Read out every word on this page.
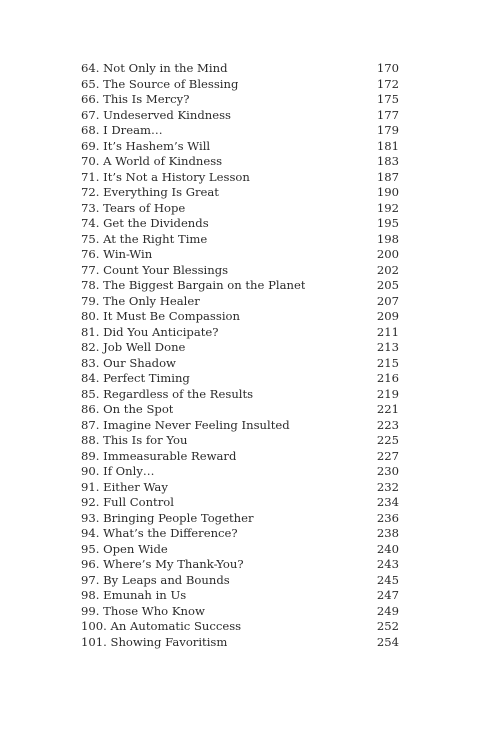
64. Not Only in the Mind	170
65. The Source of Blessing	172
66. This Is Mercy?	175
67. Undeserved Kindness	177
68. I Dream…	179
69. It’s Hashem’s Will	181
70. A World of Kindness	183
71. It’s Not a History Lesson	187
72. Everything Is Great	190
73. Tears of Hope	192
74. Get the Dividends	195
75. At the Right Time	198
76. Win-Win	200
77. Count Your Blessings	202
78. The Biggest Bargain on the Planet	205
79. The Only Healer	207
80. It Must Be Compassion	209
81. Did You Anticipate?	211
82. Job Well Done	213
83. Our Shadow	215
84. Perfect Timing	216
85. Regardless of the Results	219
86. On the Spot	221
87. Imagine Never Feeling Insulted	223
88. This Is for You	225
89. Immeasurable Reward	227
90. If Only…	230
91. Either Way	232
92. Full Control	234
93. Bringing People Together	236
94. What’s the Difference?	238
95. Open Wide	240
96. Where’s My Thank-You?	243
97. By Leaps and Bounds	245
98. Emunah in Us	247
99. Those Who Know	249
100. An Automatic Success	252
101. Showing Favoritism	254
